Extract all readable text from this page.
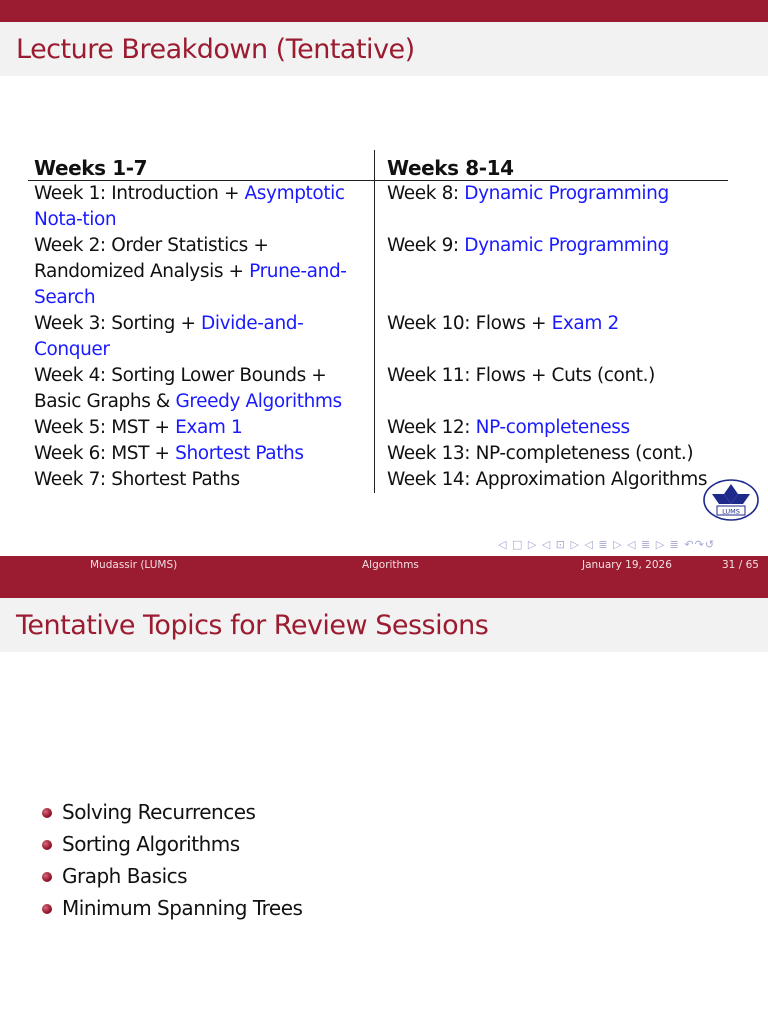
Lecture Breakdown (Tentative)
Weeks 1-7	Weeks 8-14
Week 1: Introduction + Asymptotic Nota-tion	Week 8: Dynamic Programming
Week 2: Order Statistics + Randomized Analysis + Prune-and-Search	Week 9: Dynamic Programming
Week 3: Sorting + Divide-and-Conquer	Week 10: Flows + Exam 2
Week 4: Sorting Lower Bounds + Basic Graphs & Greedy Algorithms	Week 11: Flows + Cuts (cont.)
Week 5: MST + Exam 1	Week 12: NP-completeness
Week 6: MST + Shortest Paths	Week 13: NP-completeness (cont.)
Week 7: Shortest Paths	Week 14: Approximation Algorithms
LUMS
◁ □ ▷ ◁ ⊡ ▷ ◁ ≣ ▷ ◁ ≣ ▷ ≣ ↶↷↺
Mudassir (LUMS)	Algorithms	January 19, 2026	31 / 65
Tentative Topics for Review Sessions
Solving Recurrences
Sorting Algorithms
Graph Basics
Minimum Spanning Trees
